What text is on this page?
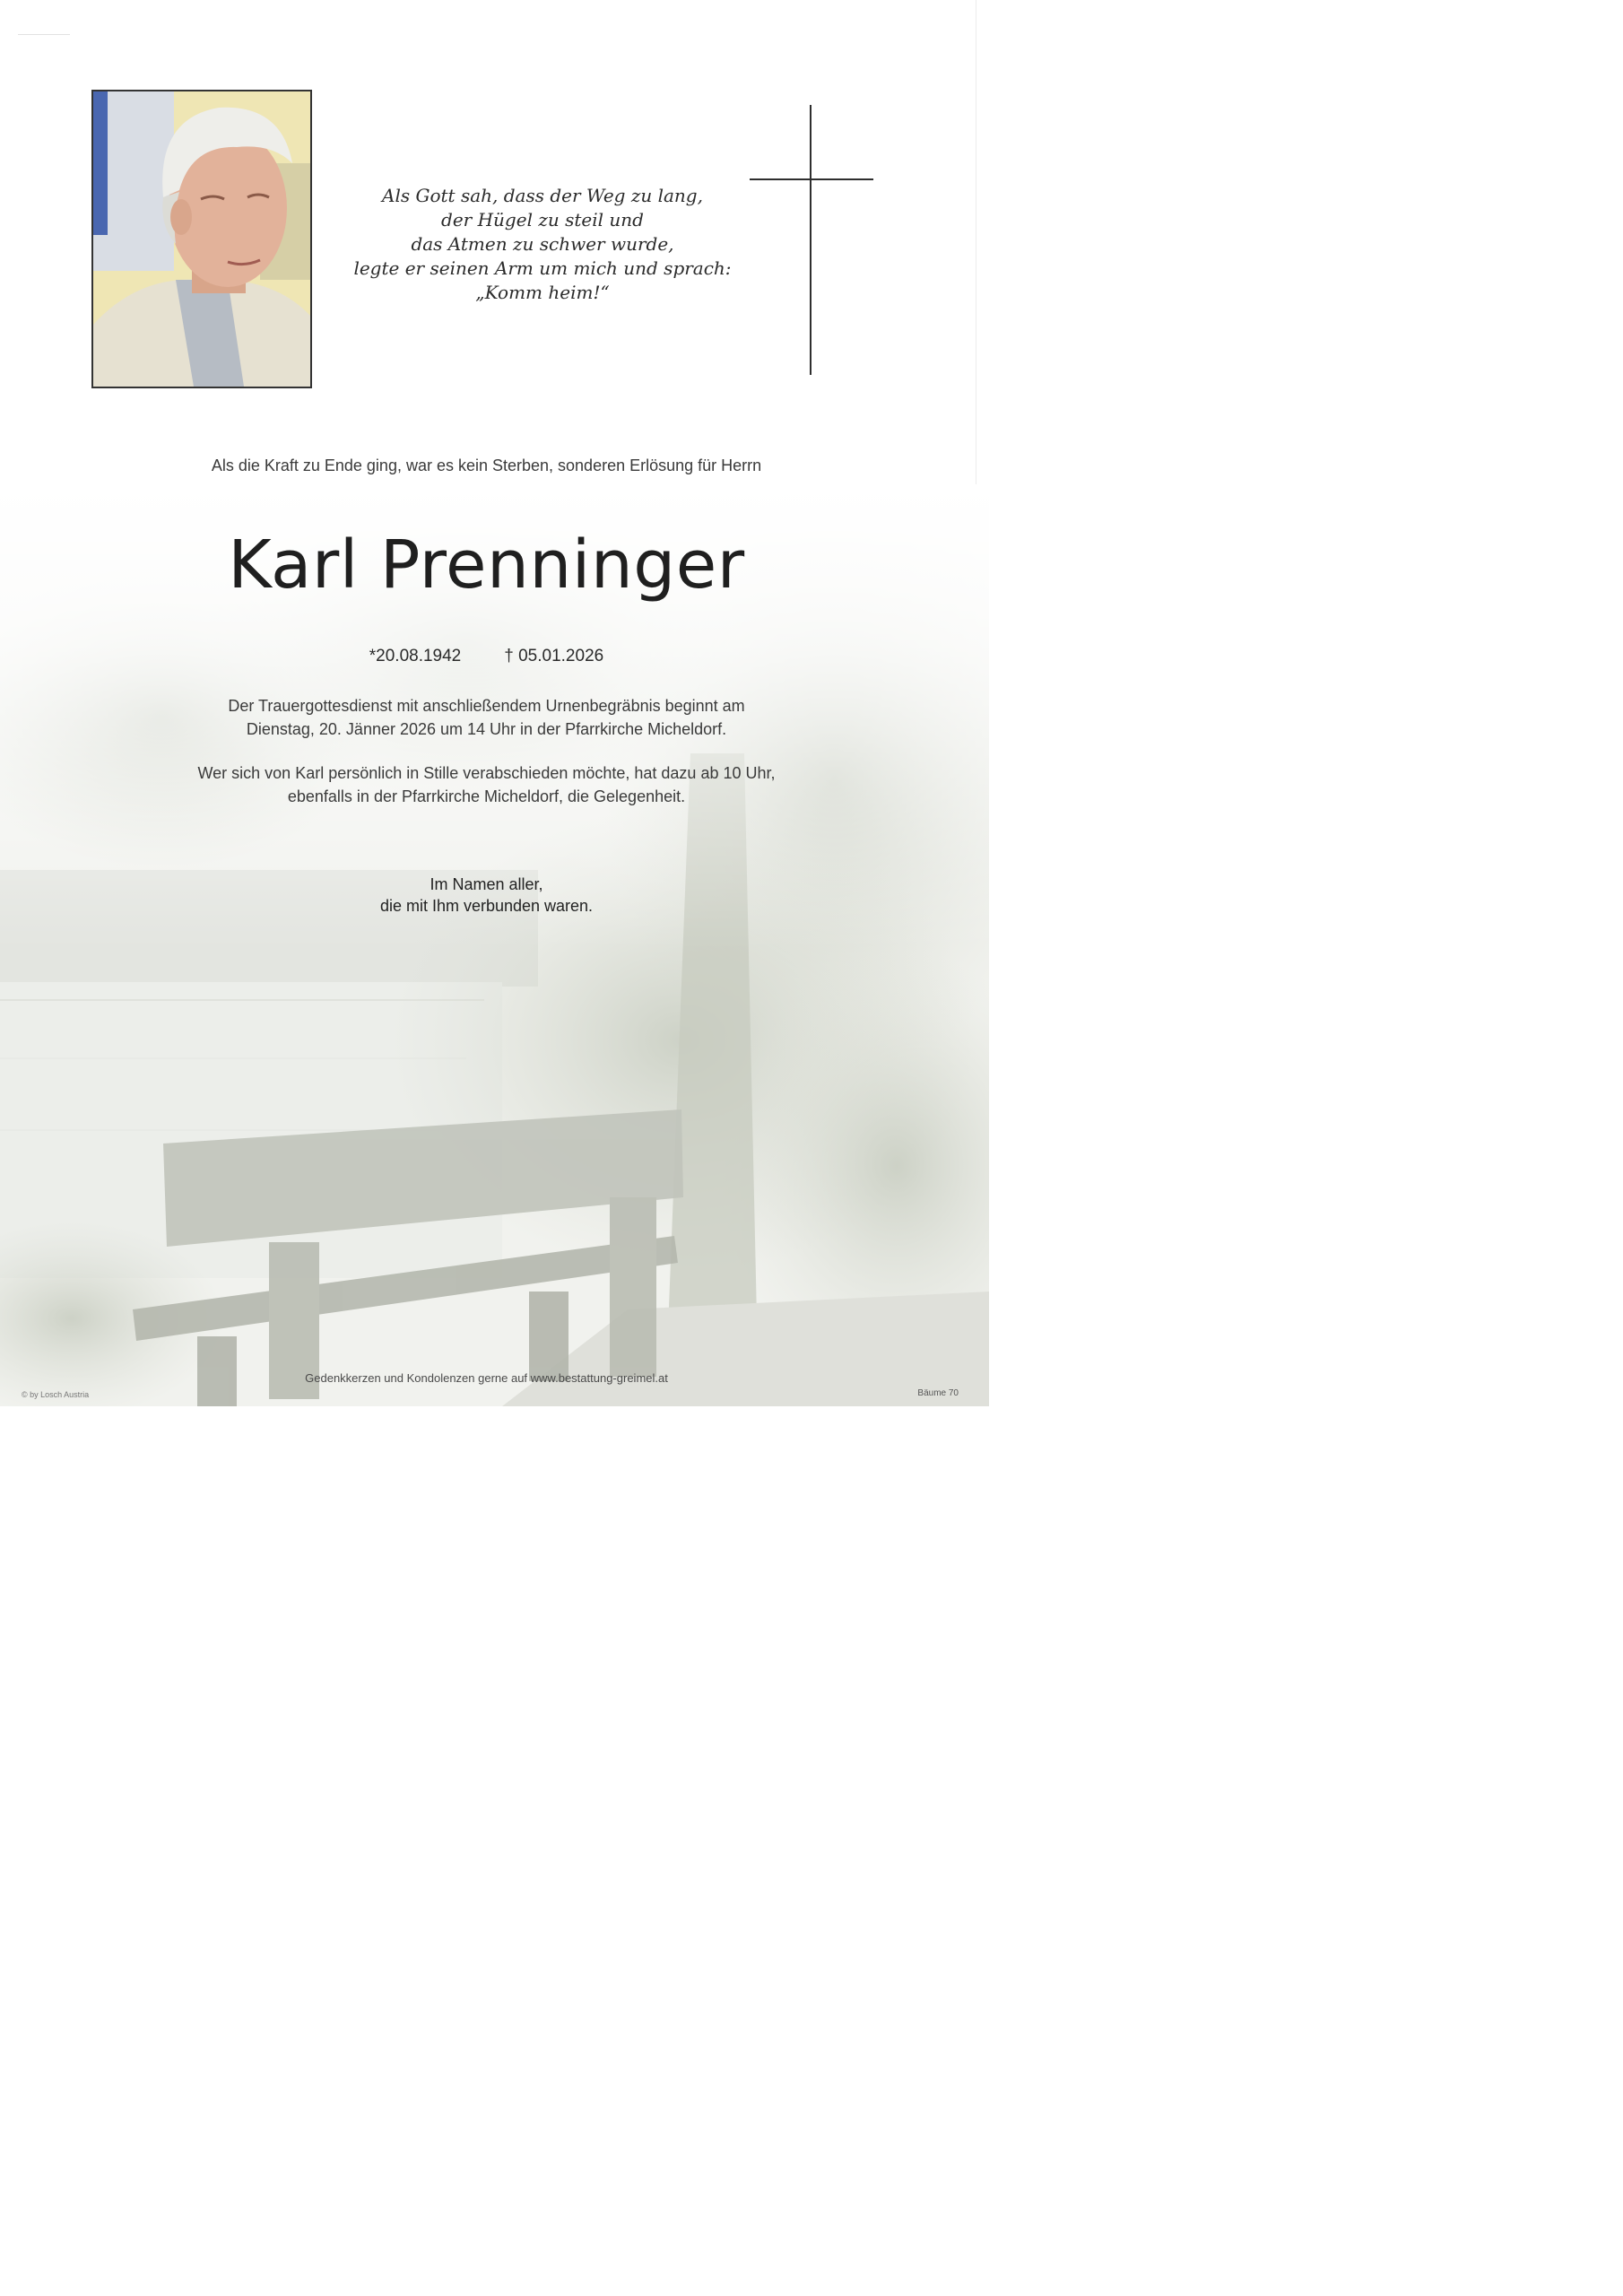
Als Gott sah, dass der Weg zu lang,
der Hügel zu steil und
das Atmen zu schwer wurde,
legte er seinen Arm um mich und sprach:
„Komm heim!“
Als die Kraft zu Ende ging, war es kein Sterben, sonderen Erlösung für Herrn
Karl Prenninger
*20.08.1942	† 05.01.2026
Der Trauergottesdienst mit anschließendem Urnenbegräbnis beginnt am
Dienstag, 20. Jänner 2026 um 14 Uhr in der Pfarrkirche Micheldorf.
Wer sich von Karl persönlich in Stille verabschieden möchte, hat dazu ab 10 Uhr,
ebenfalls in der Pfarrkirche Micheldorf, die Gelegenheit.
Im Namen aller,
die mit Ihm verbunden waren.
Gedenkkerzen und Kondolenzen gerne auf www.bestattung-greimel.at
© by Losch Austria	Bäume 70
